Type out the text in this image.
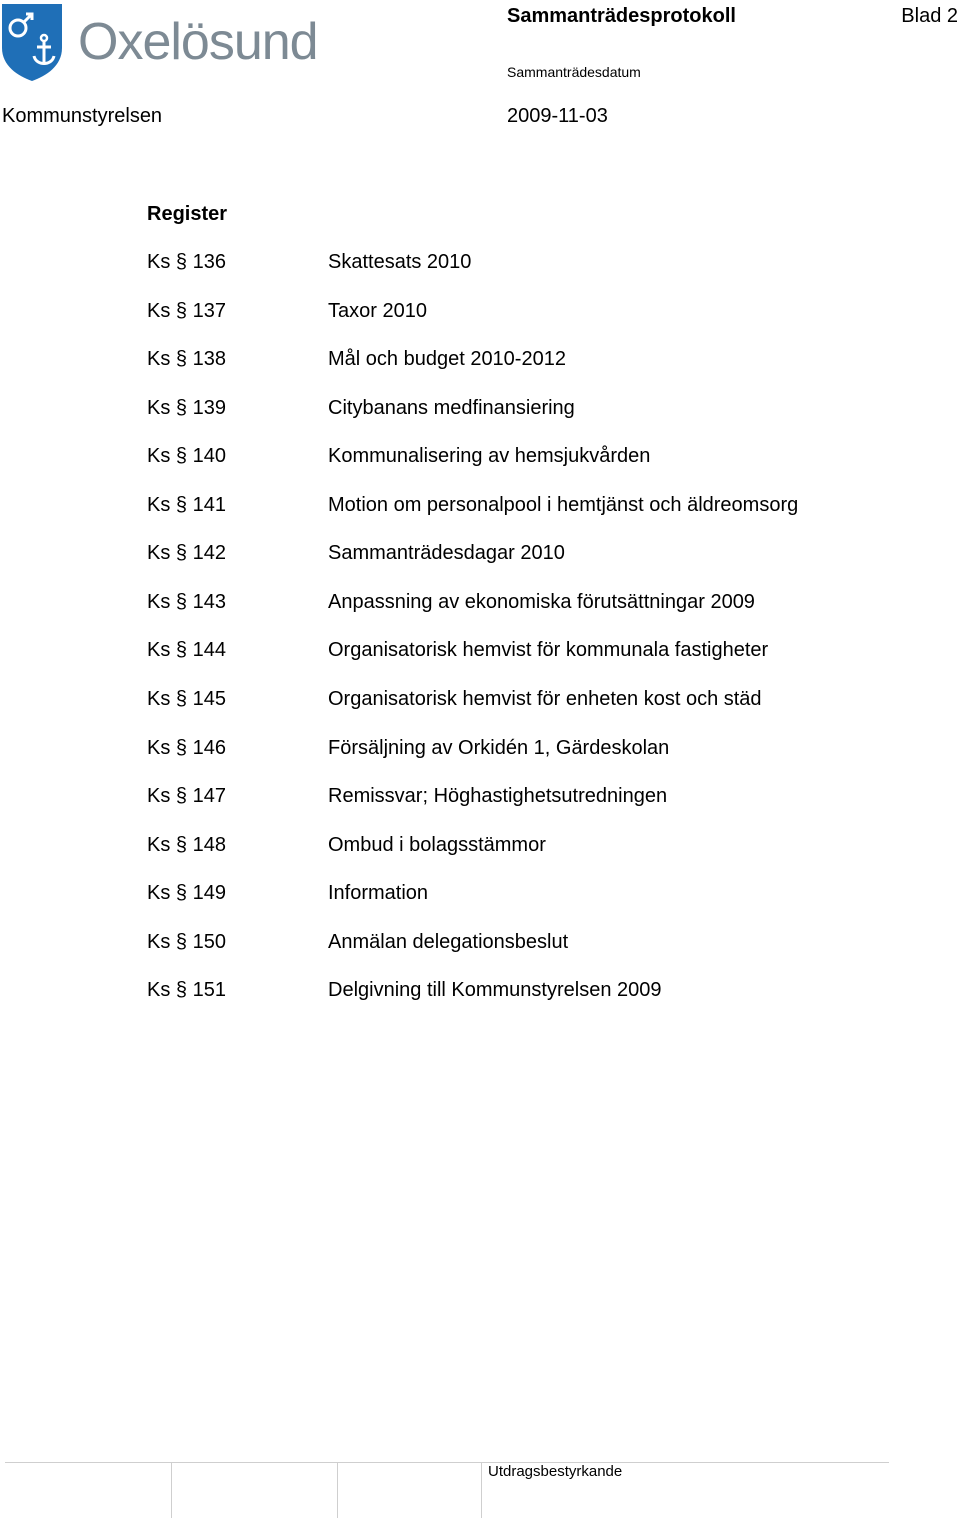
Oxelösund	Sammanträdesprotokoll	Blad 2
Sammanträdesdatum
Kommunstyrelsen	2009-11-03
Register
Ks § 136	Skattesats 2010
Ks § 137	Taxor 2010
Ks § 138	Mål och budget 2010-2012
Ks § 139	Citybanans medfinansiering
Ks § 140	Kommunalisering av hemsjukvården
Ks § 141	Motion om personalpool i hemtjänst och äldreomsorg
Ks § 142	Sammanträdesdagar 2010
Ks § 143	Anpassning av ekonomiska förutsättningar 2009
Ks § 144	Organisatorisk hemvist för kommunala fastigheter
Ks § 145	Organisatorisk hemvist för enheten kost och städ
Ks § 146	Försäljning av Orkidén 1, Gärdeskolan
Ks § 147	Remissvar; Höghastighetsutredningen
Ks § 148	Ombud i bolagsstämmor
Ks § 149	Information
Ks § 150	Anmälan delegationsbeslut
Ks § 151	Delgivning till Kommunstyrelsen 2009
Utdragsbestyrkande
